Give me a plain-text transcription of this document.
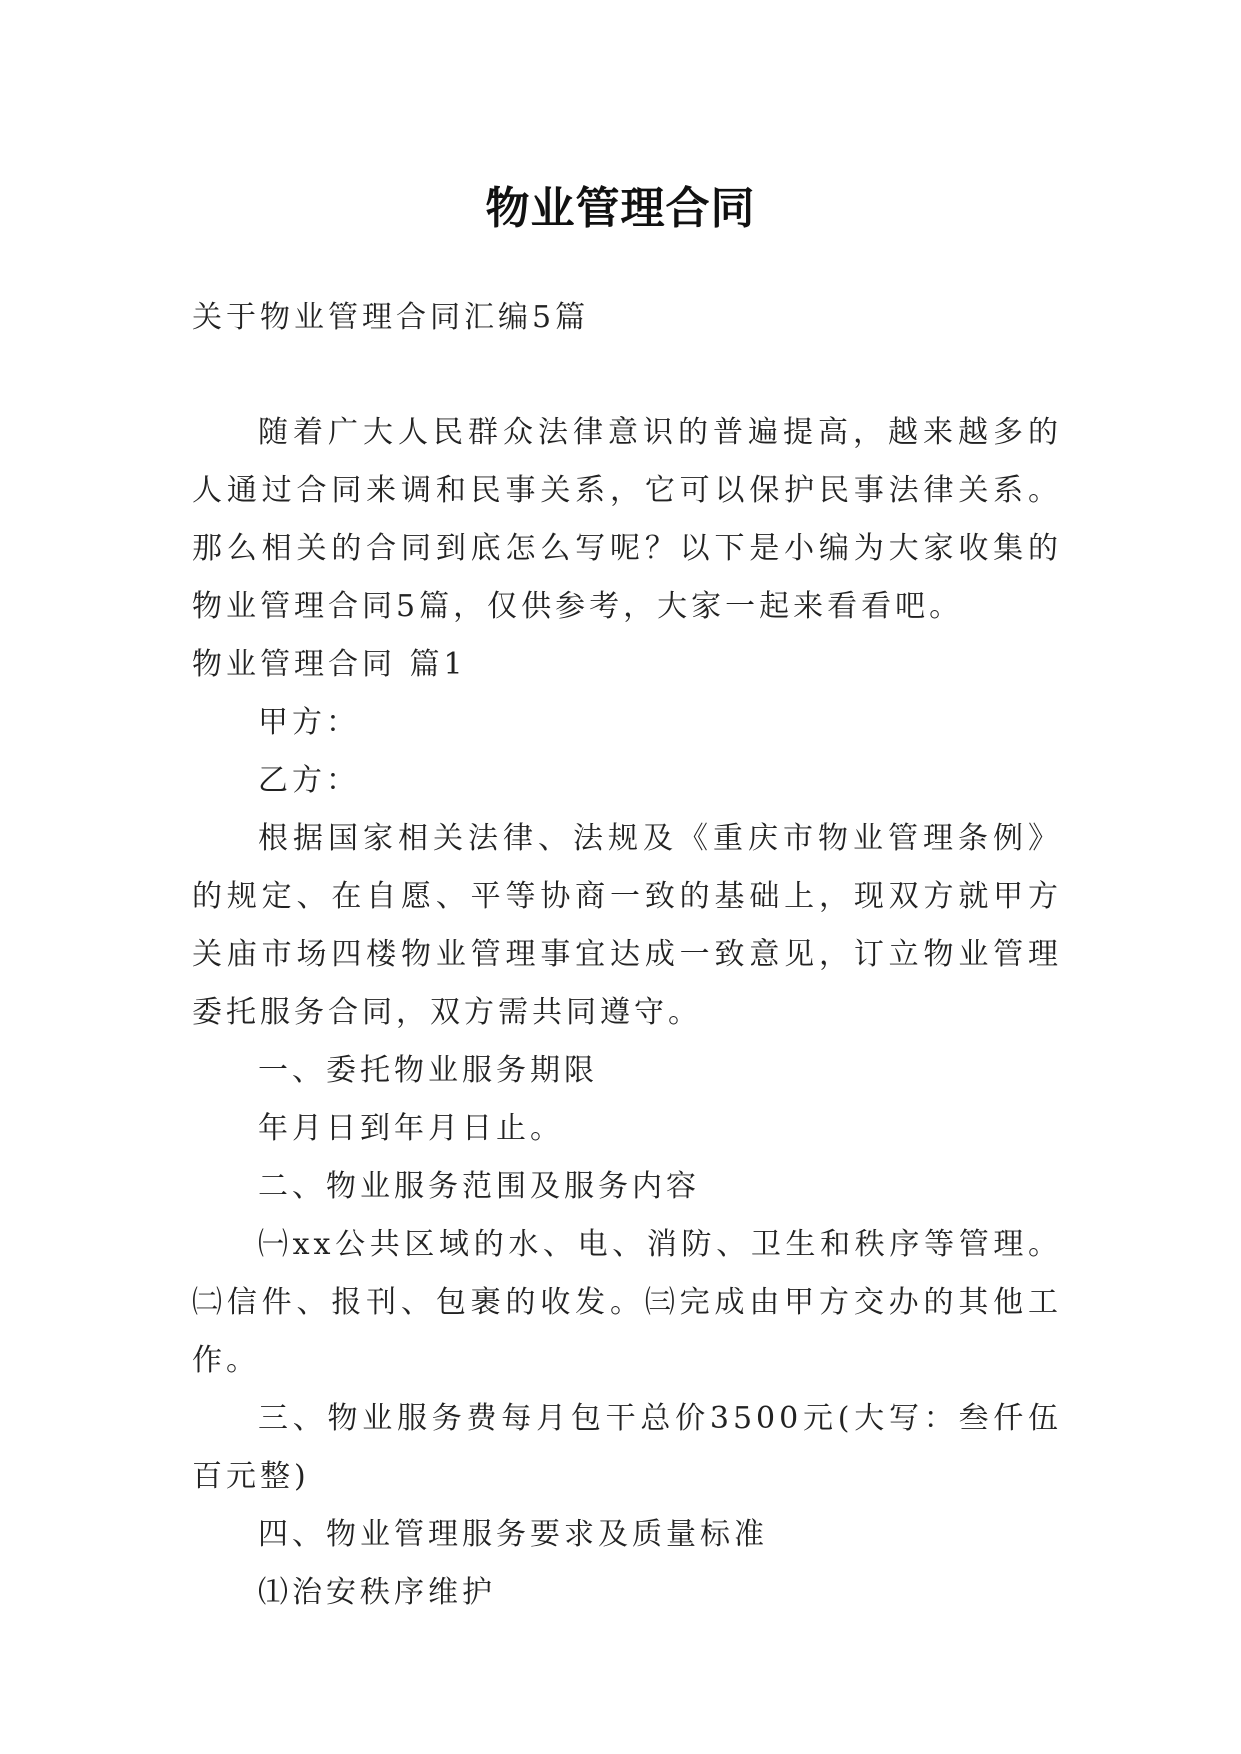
物业管理合同
关于物业管理合同汇编5篇

随着广大人民群众法律意识的普遍提高，越来越多的人通过合同来调和民事关系，它可以保护民事法律关系。那么相关的合同到底怎么写呢？以下是小编为大家收集的物业管理合同5篇，仅供参考，大家一起来看看吧。

物业管理合同 篇1

甲方：

乙方：

根据国家相关法律、法规及《重庆市物业管理条例》的规定、在自愿、平等协商一致的基础上，现双方就甲方关庙市场四楼物业管理事宜达成一致意见，订立物业管理委托服务合同，双方需共同遵守。

一、委托物业服务期限

年月日到年月日止。

二、物业服务范围及服务内容

㈠xx公共区域的水、电、消防、卫生和秩序等管理。㈡信件、报刊、包裹的收发。㈢完成由甲方交办的其他工作。

三、物业服务费每月包干总价3500元(大写：叁仟伍百元整)

四、物业管理服务要求及质量标准

⑴治安秩序维护
